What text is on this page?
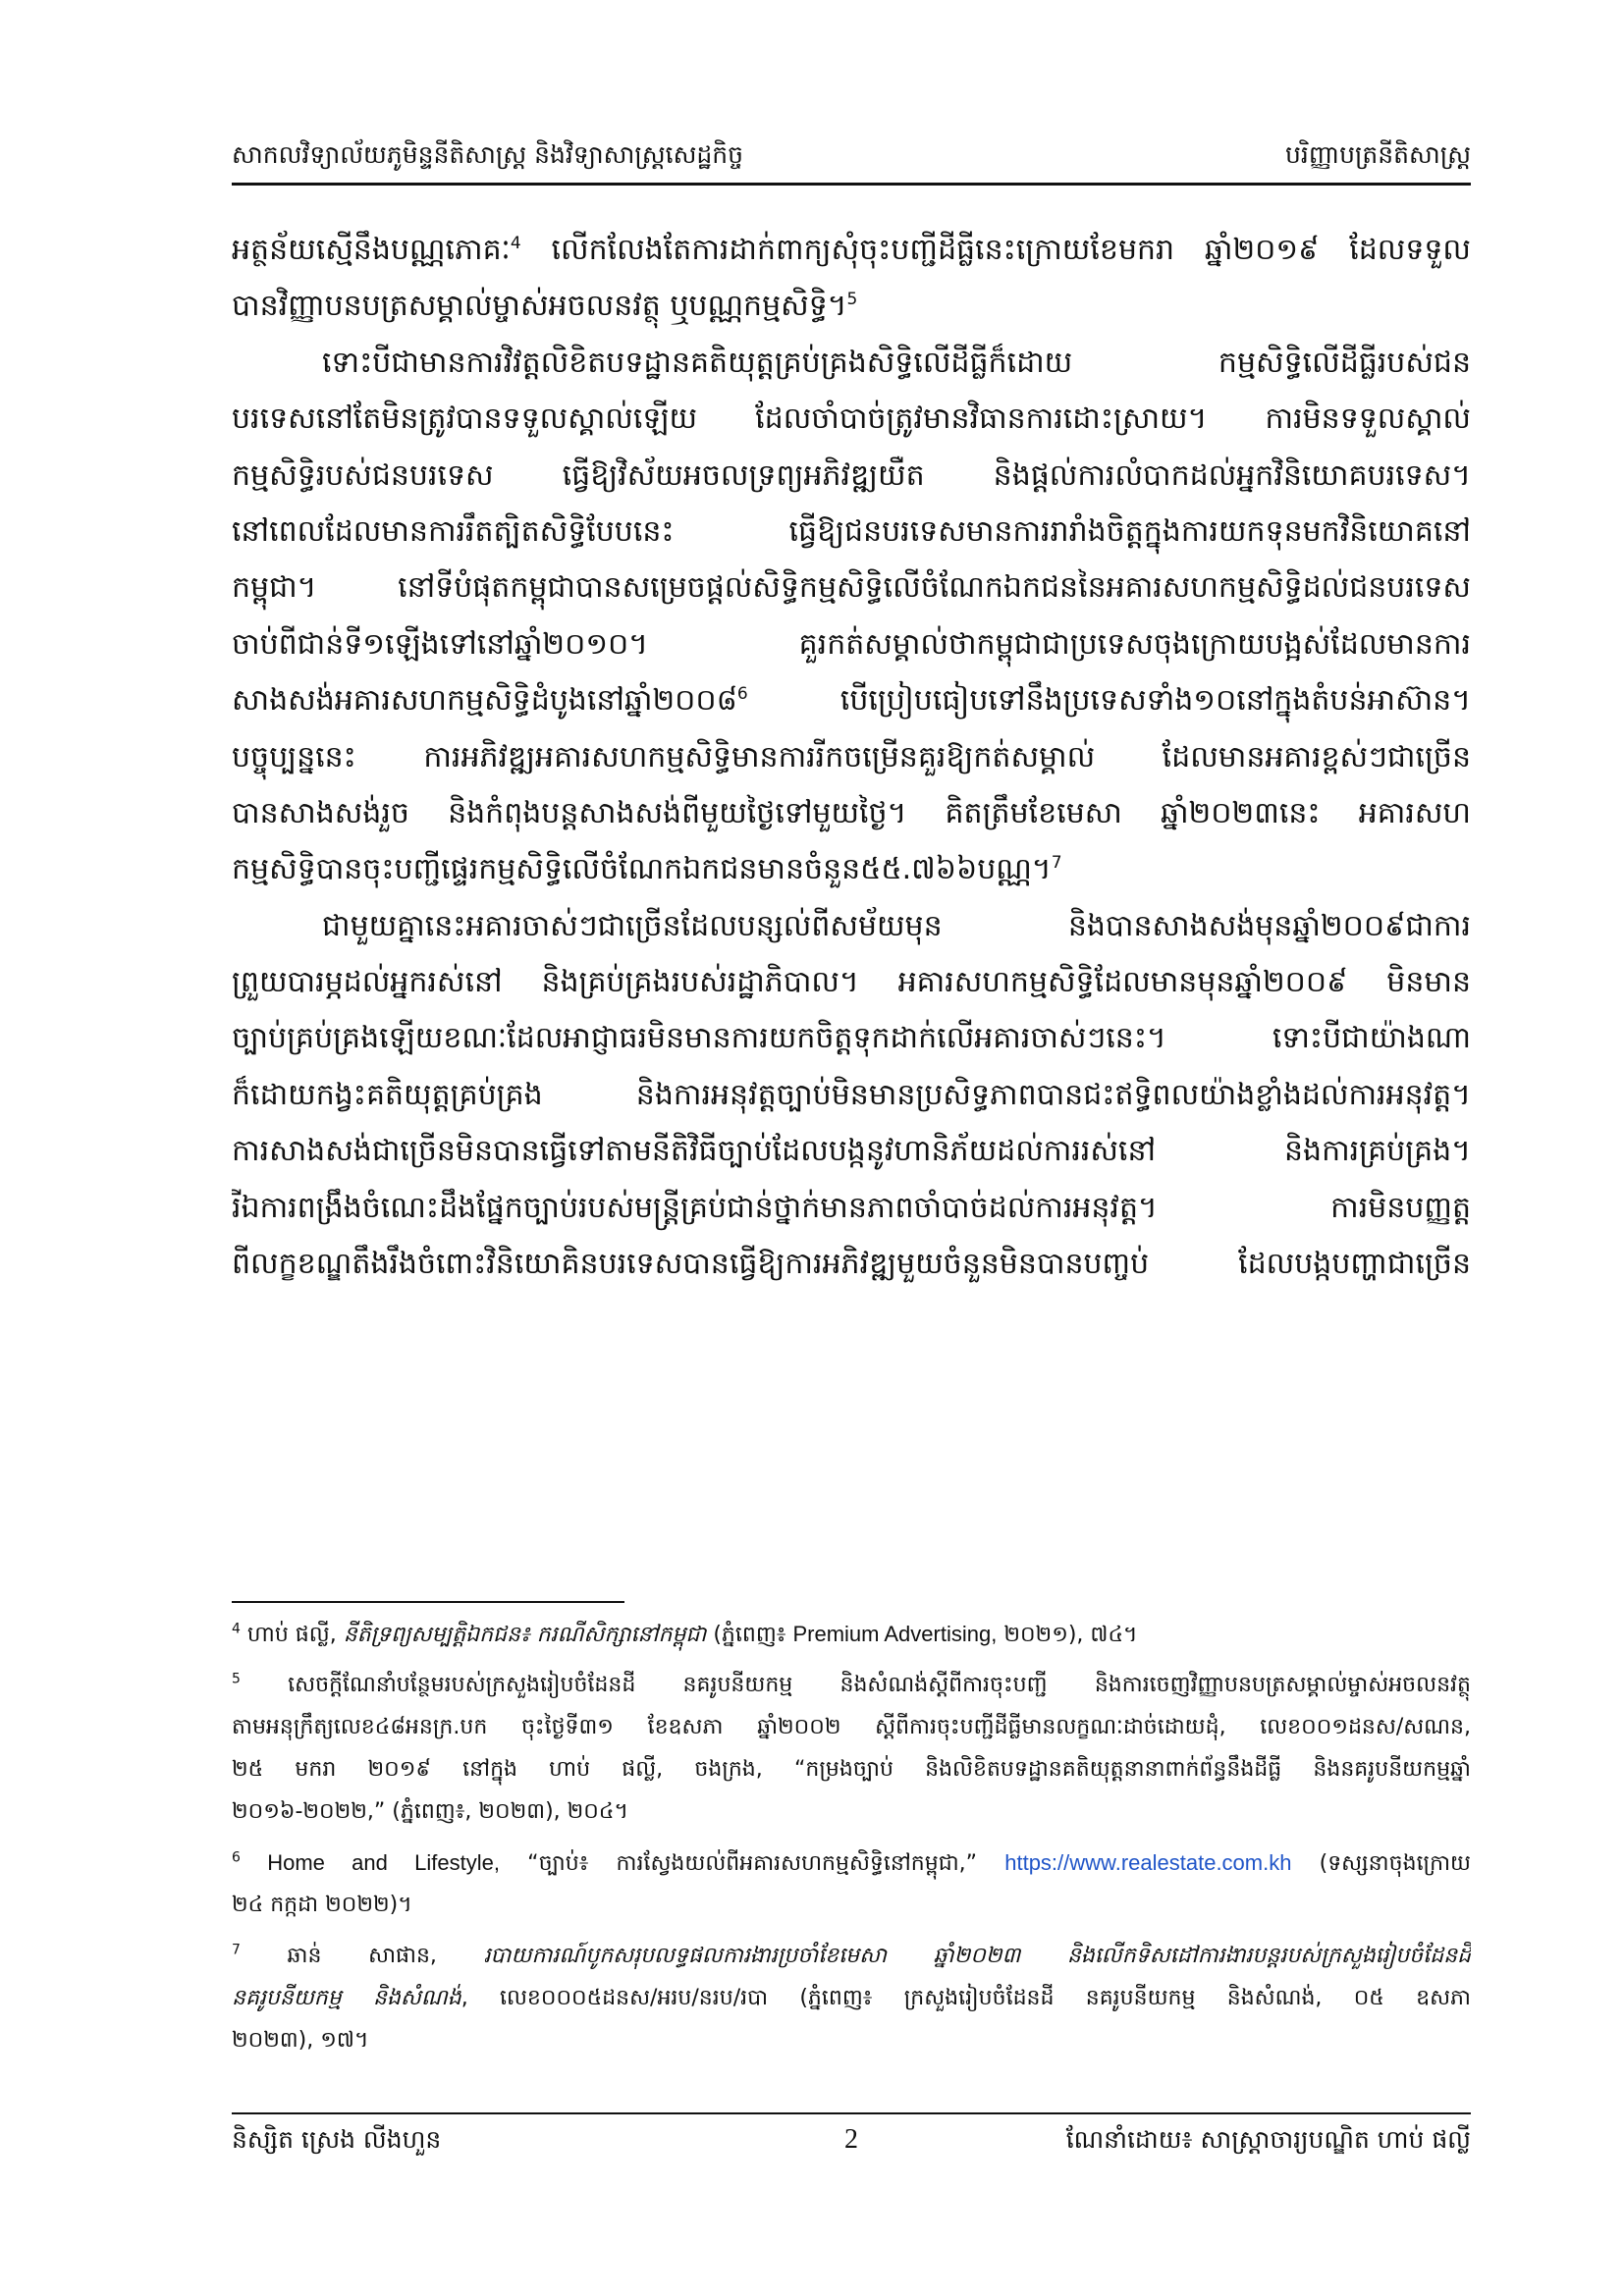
សាកលវិទ្យាល័យភូមិន្ទនីតិសាស្ត្រ និងវិទ្យាសាស្ត្រសេដ្ឋកិច្ច	បរិញ្ញាបត្រនីតិសាស្ត្រ
អត្ថន័យស្មើនឹងបណ្ណភោគៈ$^4$ លើកលែងតែការដាក់ពាក្យសុំចុះបញ្ជីដីធ្លីនេះក្រោយខែមករា ឆ្នាំ២០១៩ ដែលទទួល
បានវិញ្ញាបនបត្រសម្គាល់ម្ចាស់អចលនវត្ថុ ឬបណ្ណកម្មសិទ្ធិ។$^5$
ទោះបីជាមានការវិវត្តលិខិតបទដ្ឋានគតិយុត្តគ្រប់គ្រងសិទ្ធិលើដីធ្លីក៏ដោយ កម្មសិទ្ធិលើដីធ្លីរបស់ជន
បរទេសនៅតែមិនត្រូវបានទទួលស្គាល់ឡើយ ដែលចាំបាច់ត្រូវមានវិធានការដោះស្រាយ។ ការមិនទទួលស្គាល់
កម្មសិទ្ធិរបស់ជនបរទេស ធ្វើឱ្យវិស័យអចលទ្រព្យអភិវឌ្ឍយឺត និងផ្តល់ការលំបាកដល់អ្នកវិនិយោគបរទេស។
នៅពេលដែលមានការរឹតត្បិតសិទ្ធិបែបនេះ ធ្វើឱ្យជនបរទេសមានការរារាំងចិត្តក្នុងការយកទុនមកវិនិយោគនៅ
កម្ពុជា។ នៅទីបំផុតកម្ពុជាបានសម្រេចផ្តល់សិទ្ធិកម្មសិទ្ធិលើចំណែកឯកជននៃអគារសហកម្មសិទ្ធិដល់ជនបរទេស
ចាប់ពីជាន់ទី១ឡើងទៅនៅឆ្នាំ២០១០។ គួរកត់សម្គាល់ថាកម្ពុជាជាប្រទេសចុងក្រោយបង្អស់ដែលមានការ
សាងសង់អគារសហកម្មសិទ្ធិដំបូងនៅឆ្នាំ២០០៨$^6$ បើប្រៀបធៀបទៅនឹងប្រទេសទាំង១០នៅក្នុងតំបន់អាស៊ាន។
បច្ចុប្បន្ននេះ ការអភិវឌ្ឍអគារសហកម្មសិទ្ធិមានការរីកចម្រើនគួរឱ្យកត់សម្គាល់ ដែលមានអគារខ្ពស់ៗជាច្រើន
បានសាងសង់រួច និងកំពុងបន្តសាងសង់ពីមួយថ្ងៃទៅមួយថ្ងៃ។ គិតត្រឹមខែមេសា ឆ្នាំ២០២៣នេះ អគារសហ
កម្មសិទ្ធិបានចុះបញ្ជីផ្ទេរកម្មសិទ្ធិលើចំណែកឯកជនមានចំនួន៥៥.៧៦៦បណ្ណ។$^7$
ជាមួយគ្នានេះអគារចាស់ៗជាច្រើនដែលបន្សល់ពីសម័យមុន និងបានសាងសង់មុនឆ្នាំ២០០៩ជាការ
ព្រួយបារម្ភដល់អ្នករស់នៅ និងគ្រប់គ្រងរបស់រដ្ឋាភិបាល។ អគារសហកម្មសិទ្ធិដែលមានមុនឆ្នាំ២០០៩ មិនមាន
ច្បាប់គ្រប់គ្រងឡើយខណៈដែលអាជ្ញាធរមិនមានការយកចិត្តទុកដាក់លើអគារចាស់ៗនេះ។ ទោះបីជាយ៉ាងណា
ក៏ដោយកង្វះគតិយុត្តគ្រប់គ្រង និងការអនុវត្តច្បាប់មិនមានប្រសិទ្ធភាពបានជះឥទ្ធិពលយ៉ាងខ្លាំងដល់ការអនុវត្ត។
ការសាងសង់ជាច្រើនមិនបានធ្វើទៅតាមនីតិវិធីច្បាប់ដែលបង្កនូវហានិភ័យដល់ការរស់នៅ និងការគ្រប់គ្រង។
រីឯការពង្រឹងចំណេះដឹងផ្នែកច្បាប់របស់មន្ត្រីគ្រប់ជាន់ថ្នាក់មានភាពចាំបាច់ដល់ការអនុវត្ត។ ការមិនបញ្ញត្ត
ពីលក្ខខណ្ឌតឹងរឹងចំពោះវិនិយោគិនបរទេសបានធ្វើឱ្យការអភិវឌ្ឍមួយចំនួនមិនបានបញ្ចប់ ដែលបង្កបញ្ហាជាច្រើន
$^4$ ហាប់ ផល្លី, នីតិទ្រព្យសម្បត្តិឯកជន៖ ករណីសិក្សានៅកម្ពុជា (ភ្នំពេញ៖ Premium Advertising, ២០២១), ៧៤។
$^5$ សេចក្តីណែនាំបន្ថែមរបស់ក្រសួងរៀបចំដែនដី នគរូបនីយកម្ម និងសំណង់ស្តីពីការចុះបញ្ជី និងការចេញវិញ្ញាបនបត្រសម្គាល់ម្ចាស់អចលនវត្ថុ
តាមអនុក្រឹត្យលេខ៤៨អនក្រ.បក ចុះថ្ងៃទី៣១ ខែឧសភា ឆ្នាំ២០០២ ស្តីពីការចុះបញ្ជីដីធ្លីមានលក្ខណៈដាច់ដោយដុំ, លេខ០០១ដនស/សណន,
២៥ មករា ២០១៩ នៅក្នុង ហាប់ ផល្លី, ចងក្រង, “កម្រងច្បាប់ និងលិខិតបទដ្ឋានគតិយុត្តនានាពាក់ព័ន្ធនឹងដីធ្លី និងនគរូបនីយកម្មឆ្នាំ
២០១៦-២០២២,” (ភ្នំពេញ៖, ២០២៣), ២០៤។
$^6$ Home and Lifestyle, “ច្បាប់៖ ការស្វែងយល់ពីអគារសហកម្មសិទ្ធិនៅកម្ពុជា,” https://www.realestate.com.kh (ទស្សនាចុងក្រោយ
២៤ កក្កដា ២០២២)។
$^7$ ឆាន់ សាផាន, របាយការណ៍បូកសរុបលទ្ធផលការងារប្រចាំខែមេសា ឆ្នាំ២០២៣ និងលើកទិសដៅការងារបន្តរបស់ក្រសួងរៀបចំដែនដី
នគរូបនីយកម្ម និងសំណង់, លេខ០០០៥ដនស/អរប/នរប/របា (ភ្នំពេញ៖ ក្រសួងរៀបចំដែនដី នគរូបនីយកម្ម និងសំណង់, ០៥ ឧសភា
២០២៣), ១៧។
និស្សិត ស្រេង លីងហួន	2	ណែនាំដោយ៖ សាស្ត្រាចារ្យបណ្ឌិត ហាប់ ផល្លី
